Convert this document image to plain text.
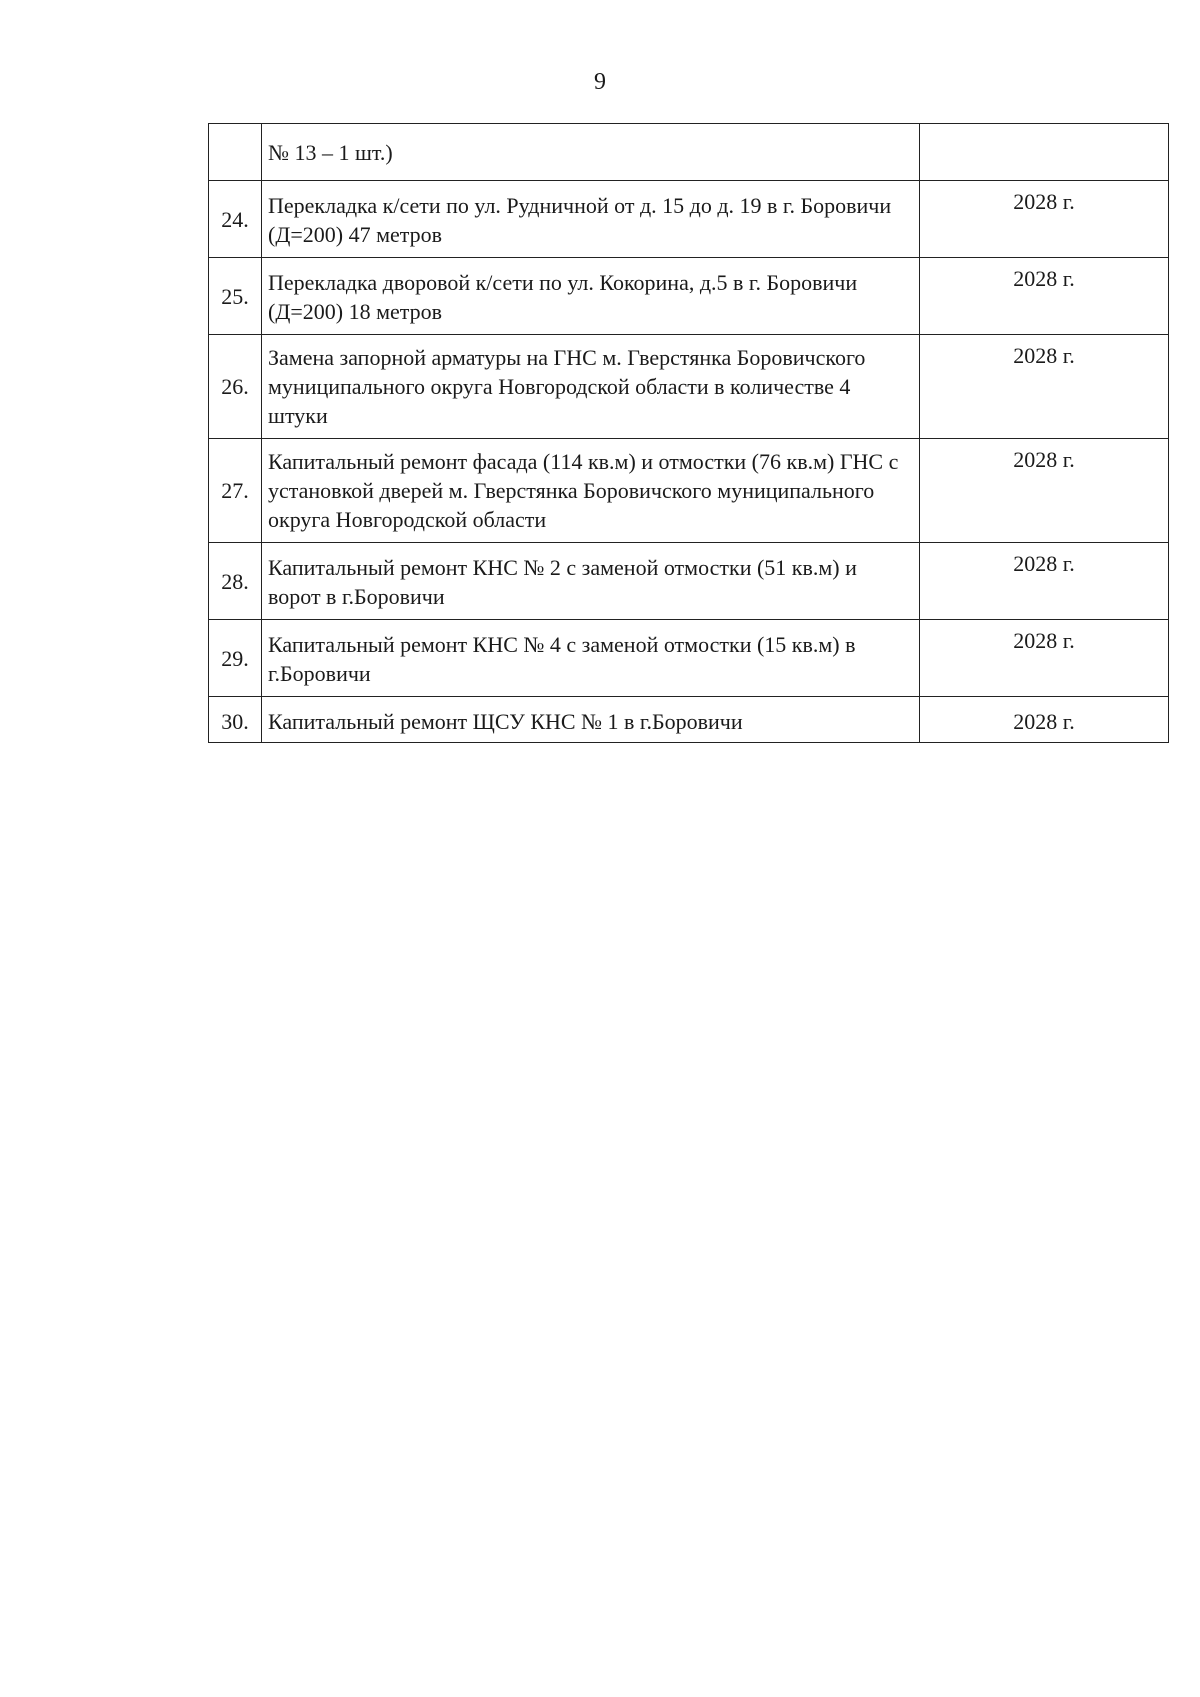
9
	№ 13 – 1 шт.)	
24.	Перекладка к/сети по ул. Рудничной от д. 15 до д. 19 в г. Боровичи (Д=200) 47 метров	2028 г.
25.	Перекладка дворовой к/сети по ул. Кокорина, д.5 в г. Боровичи (Д=200) 18 метров	2028 г.
26.	Замена запорной арматуры на ГНС м. Гверстянка Боровичского муниципального округа Новгородской области в количестве 4 штуки	2028 г.
27.	Капитальный ремонт фасада (114 кв.м) и отмостки (76 кв.м) ГНС с установкой дверей м. Гверстянка Боровичского муниципального округа Новгородской области	2028 г.
28.	Капитальный ремонт КНС № 2 с заменой отмостки (51 кв.м) и ворот в г.Боровичи	2028 г.
29.	Капитальный ремонт КНС № 4 с заменой отмостки (15 кв.м) в г.Боровичи	2028 г.
30.	Капитальный ремонт ЩСУ КНС № 1 в г.Боровичи	2028 г.
